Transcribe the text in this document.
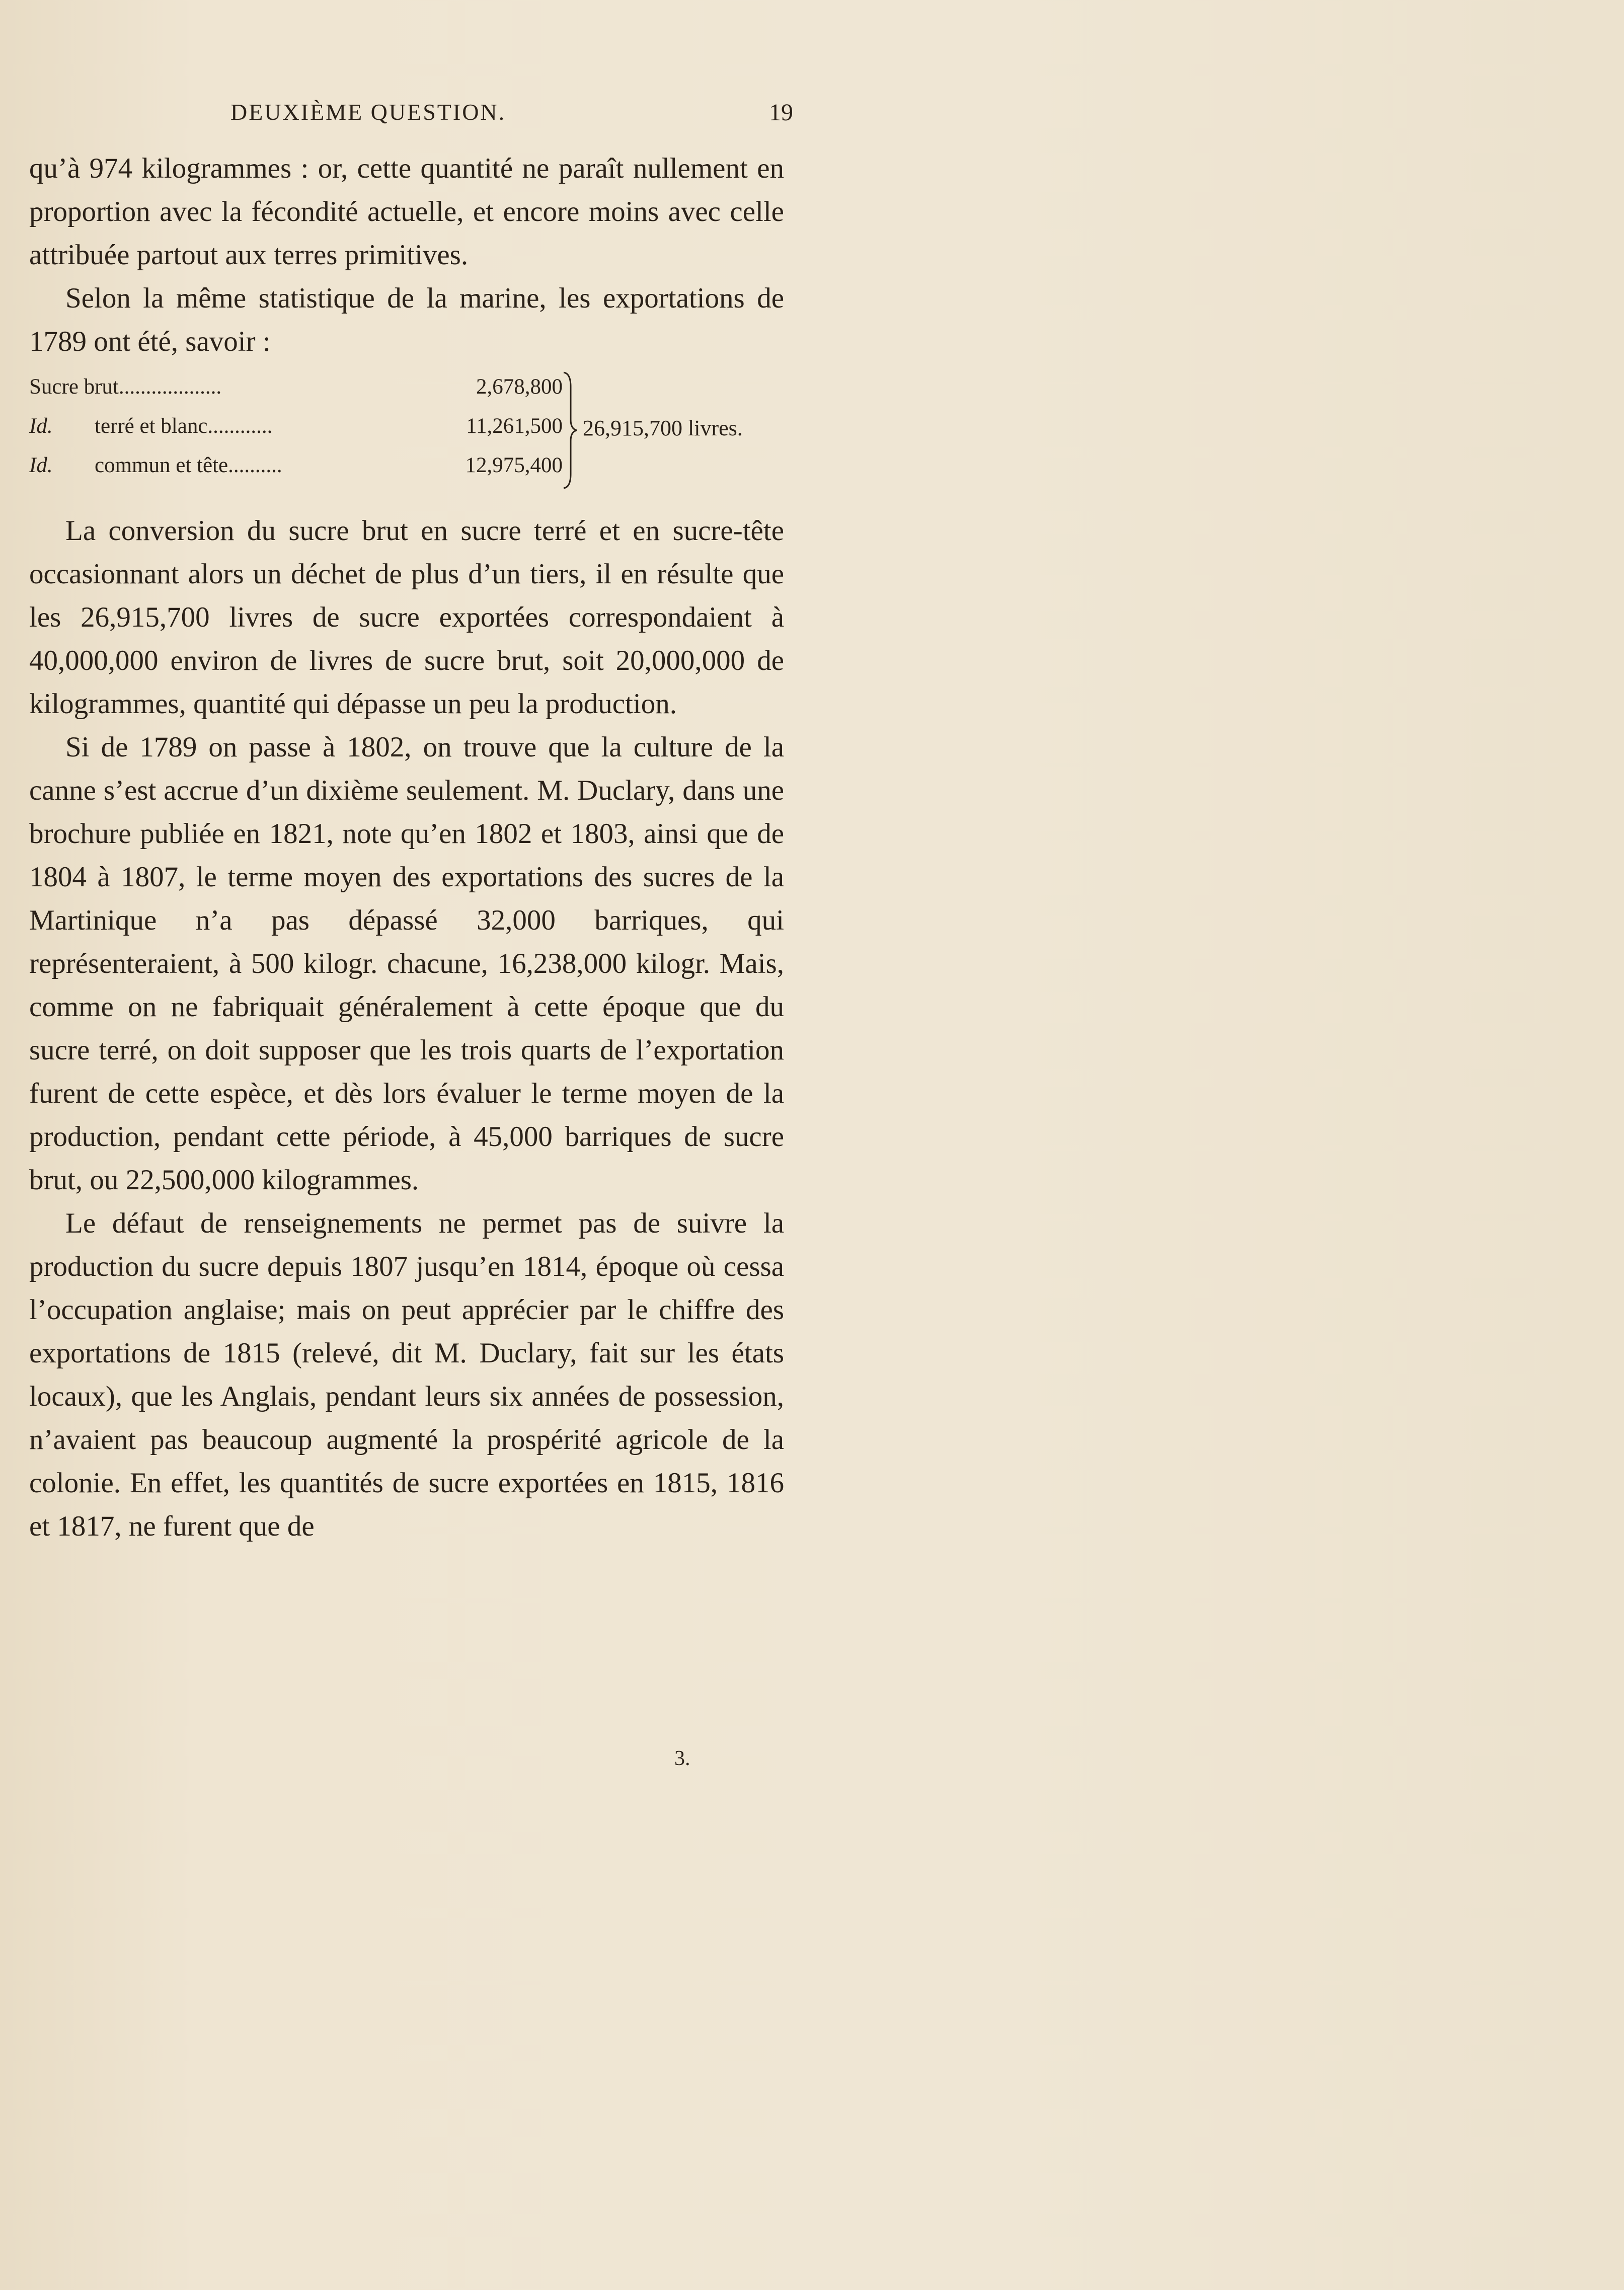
DEUXIÈME QUESTION.	19

qu’à 974 kilogrammes : or, cette quantité ne paraît nullement en proportion avec la fécondité actuelle, et encore moins avec celle attribuée partout aux terres primitives.

Selon la même statistique de la marine, les exportations de 1789 ont été, savoir :

Sucre brut...................	2,678,800
Id. terré et blanc............	11,261,500
Id. commun et tête..........	12,975,400
26,915,700 livres.

La conversion du sucre brut en sucre terré et en sucre-tête occasionnant alors un déchet de plus d’un tiers, il en résulte que les 26,915,700 livres de sucre exportées correspondaient à 40,000,000 environ de livres de sucre brut, soit 20,000,000 de kilogrammes, quantité qui dépasse un peu la production.

Si de 1789 on passe à 1802, on trouve que la culture de la canne s’est accrue d’un dixième seulement. M. Duclary, dans une brochure publiée en 1821, note qu’en 1802 et 1803, ainsi que de 1804 à 1807, le terme moyen des exportations des sucres de la Martinique n’a pas dépassé 32,000 barriques, qui représenteraient, à 500 kilogr. chacune, 16,238,000 kilogr. Mais, comme on ne fabriquait généralement à cette époque que du sucre terré, on doit supposer que les trois quarts de l’exportation furent de cette espèce, et dès lors évaluer le terme moyen de la production, pendant cette période, à 45,000 barriques de sucre brut, ou 22,500,000 kilogrammes.

Le défaut de renseignements ne permet pas de suivre la production du sucre depuis 1807 jusqu’en 1814, époque où cessa l’occupation anglaise; mais on peut apprécier par le chiffre des exportations de 1815 (relevé, dit M. Duclary, fait sur les états locaux), que les Anglais, pendant leurs six années de possession, n’avaient pas beaucoup augmenté la prospérité agricole de la colonie. En effet, les quantités de sucre exportées en 1815, 1816 et 1817, ne furent que de

3.
